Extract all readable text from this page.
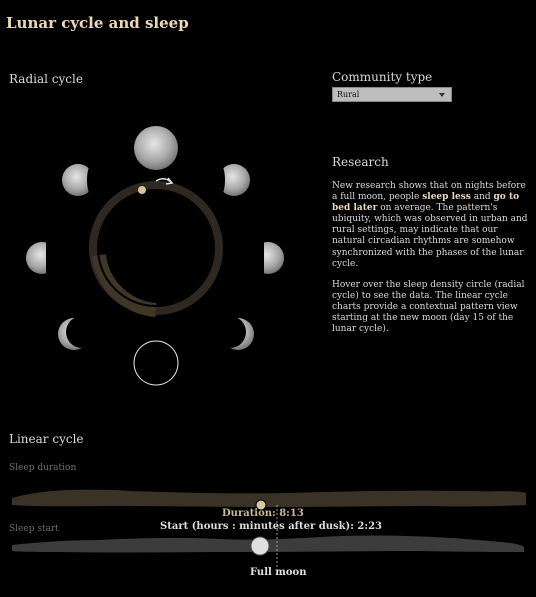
Lunar cycle and sleep
Radial cycle	Community type
Rural
Research

New research shows that on nights before a full moon, people sleep less and go to bed later on average. The pattern's ubiquity, which was observed in urban and rural settings, may indicate that our natural circadian rhythms are somehow synchronized with the phases of the lunar cycle.

Hover over the sleep density circle (radial cycle) to see the data. The linear cycle charts provide a contextual pattern view starting at the new moon (day 15 of the lunar cycle).

Linear cycle
Sleep duration
Sleep start
Duration: 8:13
Start (hours : minutes after dusk): 2:23
Full moon
